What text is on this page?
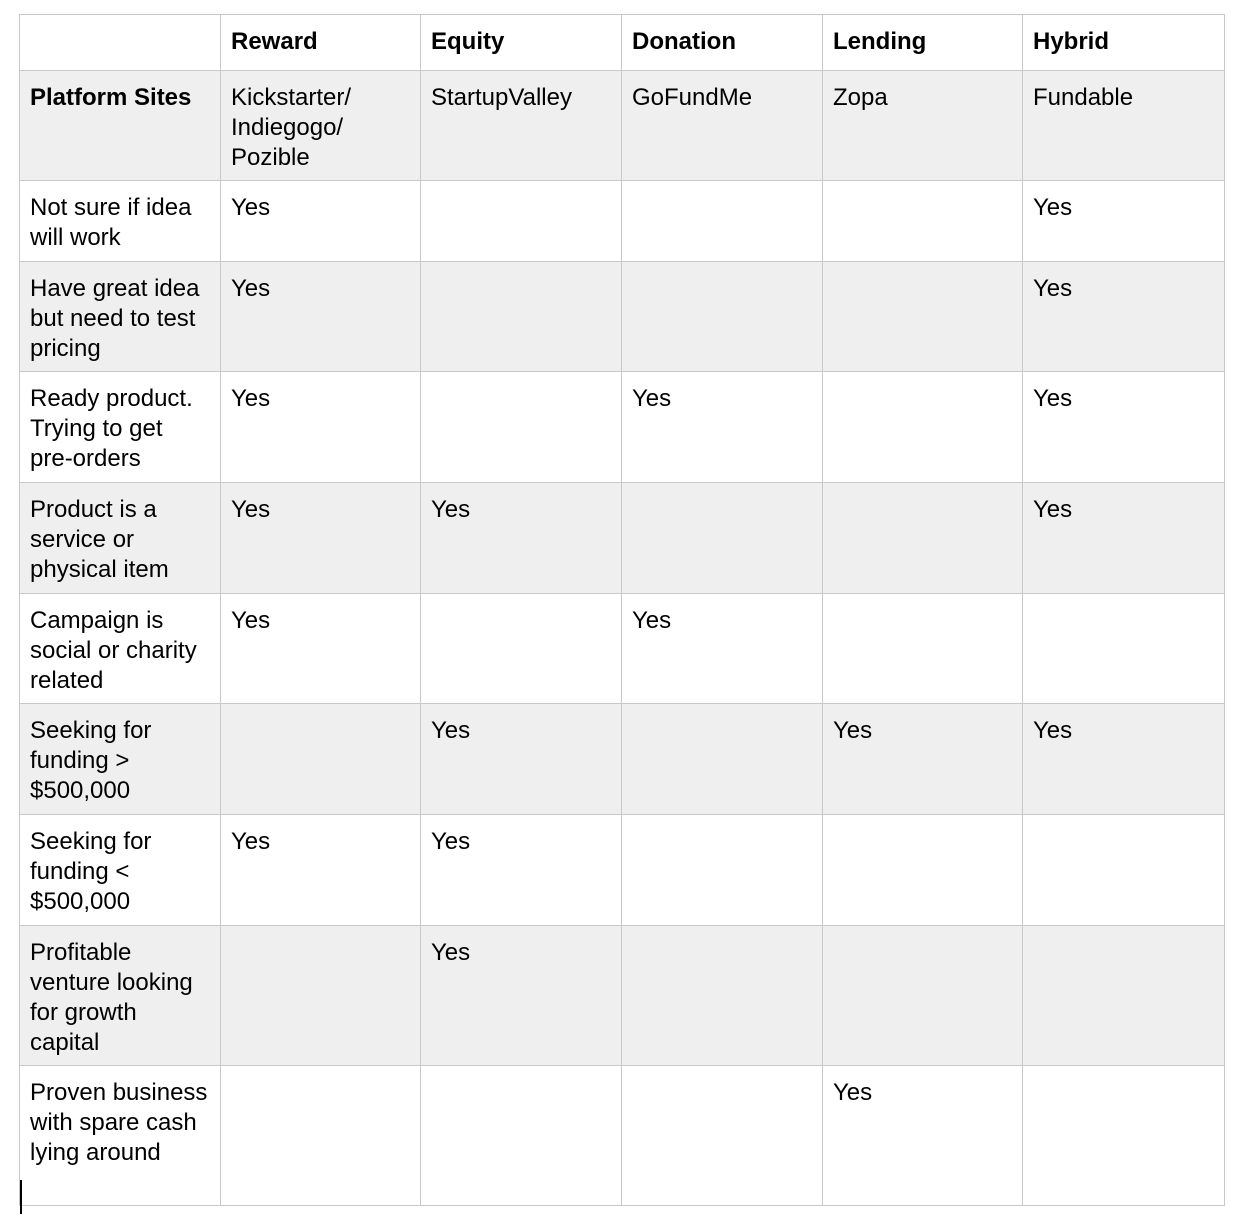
	Reward	Equity	Donation	Lending	Hybrid
Platform Sites	Kickstarter/ Indiegogo/ Pozible	StartupValley	GoFundMe	Zopa	Fundable
Not sure if idea will work	Yes				Yes
Have great idea but need to test pricing	Yes				Yes
Ready product. Trying to get pre-orders	Yes		Yes		Yes
Product is a service or physical item	Yes	Yes			Yes
Campaign is social or charity related	Yes		Yes		
Seeking for funding > $500,000		Yes		Yes	Yes
Seeking for funding < $500,000	Yes	Yes			
Profitable venture looking for growth capital		Yes			
Proven business with spare cash lying around				Yes	
